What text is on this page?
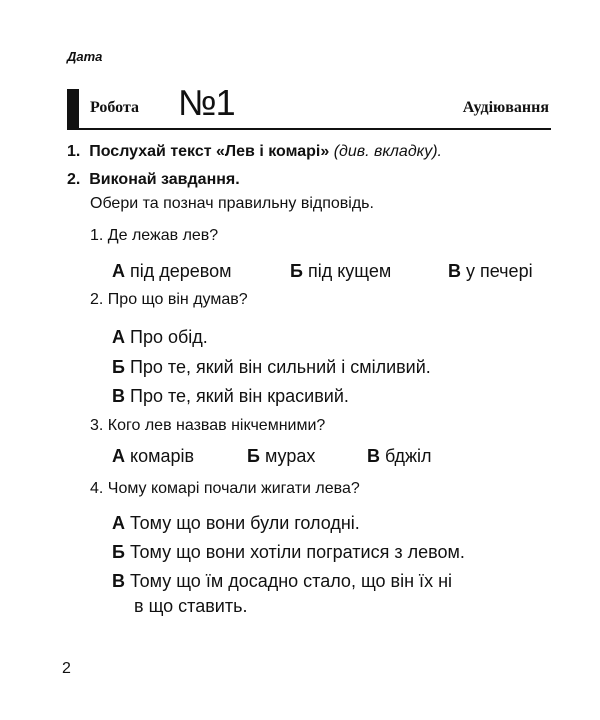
Дата
Робота №1	Аудіювання
1. Послухай текст «Лев і комарі» (див. вкладку).
2. Виконай завдання.
Обери та познач правильну відповідь.
1. Де лежав лев?
А під деревом	Б під кущем	В у печері
2. Про що він думав?
А Про обід.
Б Про те, який він сильний і сміливий.
В Про те, який він красивий.
3. Кого лев назвав нікчемними?
А комарів	Б мурах	В бджіл
4. Чому комарі почали жигати лева?
А Тому що вони були голодні.
Б Тому що вони хотіли погратися з левом.
В Тому що їм досадно стало, що він їх ні
в що ставить.
2
